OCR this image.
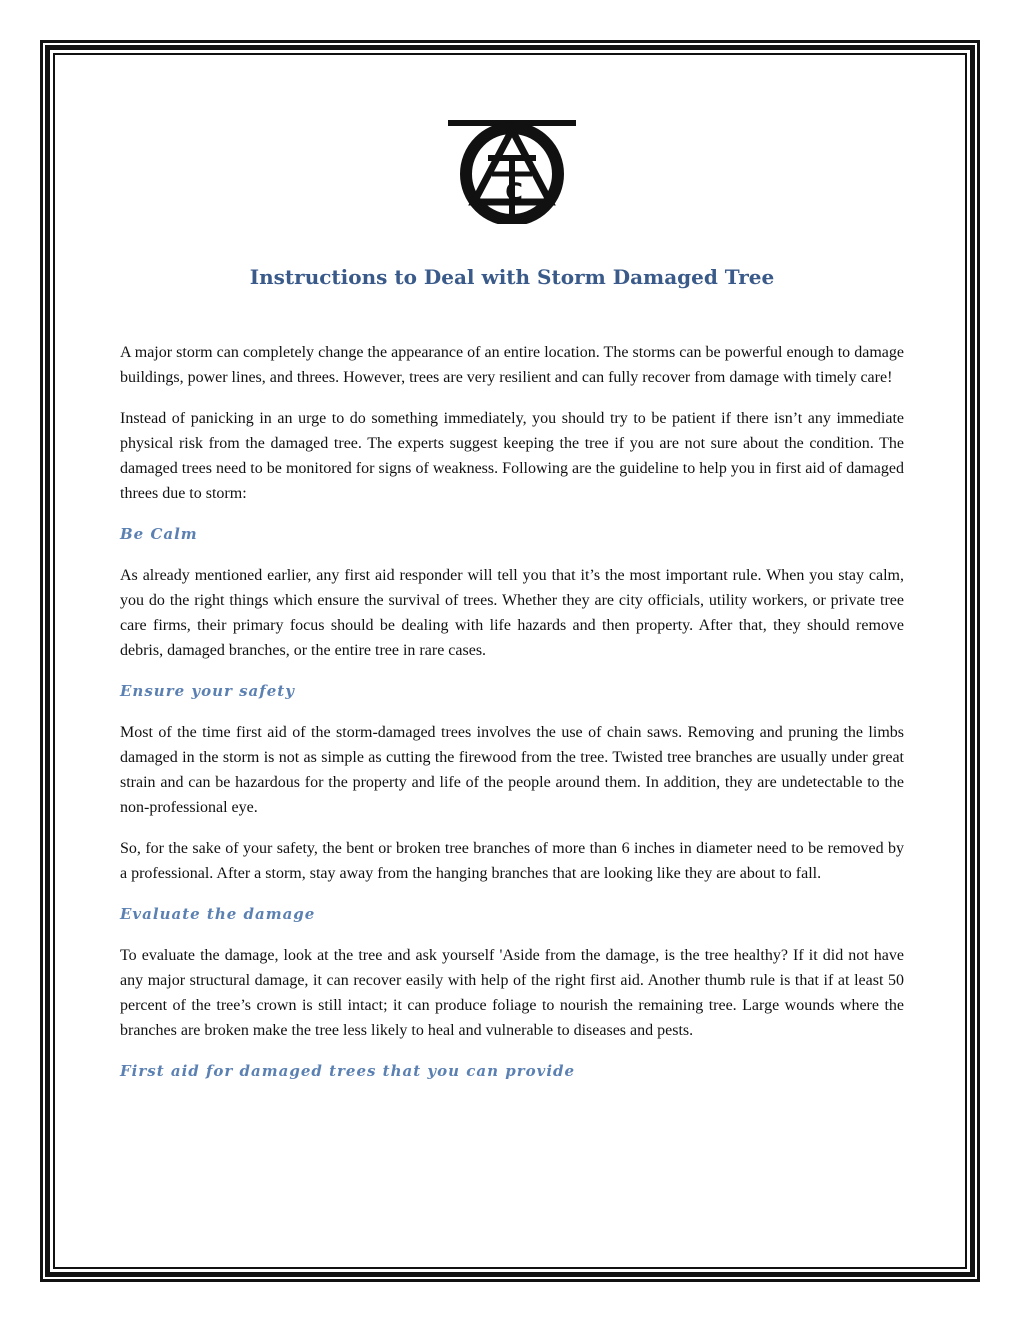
C
Instructions to Deal with Storm Damaged Tree

A major storm can completely change the appearance of an entire location. The storms can be powerful enough to damage buildings, power lines, and threes. However, trees are very resilient and can fully recover from damage with timely care!

Instead of panicking in an urge to do something immediately, you should try to be patient if there isn’t any immediate physical risk from the damaged tree. The experts suggest keeping the tree if you are not sure about the condition. The damaged trees need to be monitored for signs of weakness. Following are the guideline to help you in first aid of damaged threes due to storm:

Be Calm

As already mentioned earlier, any first aid responder will tell you that it’s the most important rule. When you stay calm, you do the right things which ensure the survival of trees. Whether they are city officials, utility workers, or private tree care firms, their primary focus should be dealing with life hazards and then property. After that, they should remove debris, damaged branches, or the entire tree in rare cases.

Ensure your safety

Most of the time first aid of the storm-damaged trees involves the use of chain saws. Removing and pruning the limbs damaged in the storm is not as simple as cutting the firewood from the tree. Twisted tree branches are usually under great strain and can be hazardous for the property and life of the people around them. In addition, they are undetectable to the non-professional eye.

So, for the sake of your safety, the bent or broken tree branches of more than 6 inches in diameter need to be removed by a professional. After a storm, stay away from the hanging branches that are looking like they are about to fall.

Evaluate the damage

To evaluate the damage, look at the tree and ask yourself 'Aside from the damage, is the tree healthy? If it did not have any major structural damage, it can recover easily with help of the right first aid. Another thumb rule is that if at least 50 percent of the tree’s crown is still intact; it can produce foliage to nourish the remaining tree. Large wounds where the branches are broken make the tree less likely to heal and vulnerable to diseases and pests.

First aid for damaged trees that you can provide
